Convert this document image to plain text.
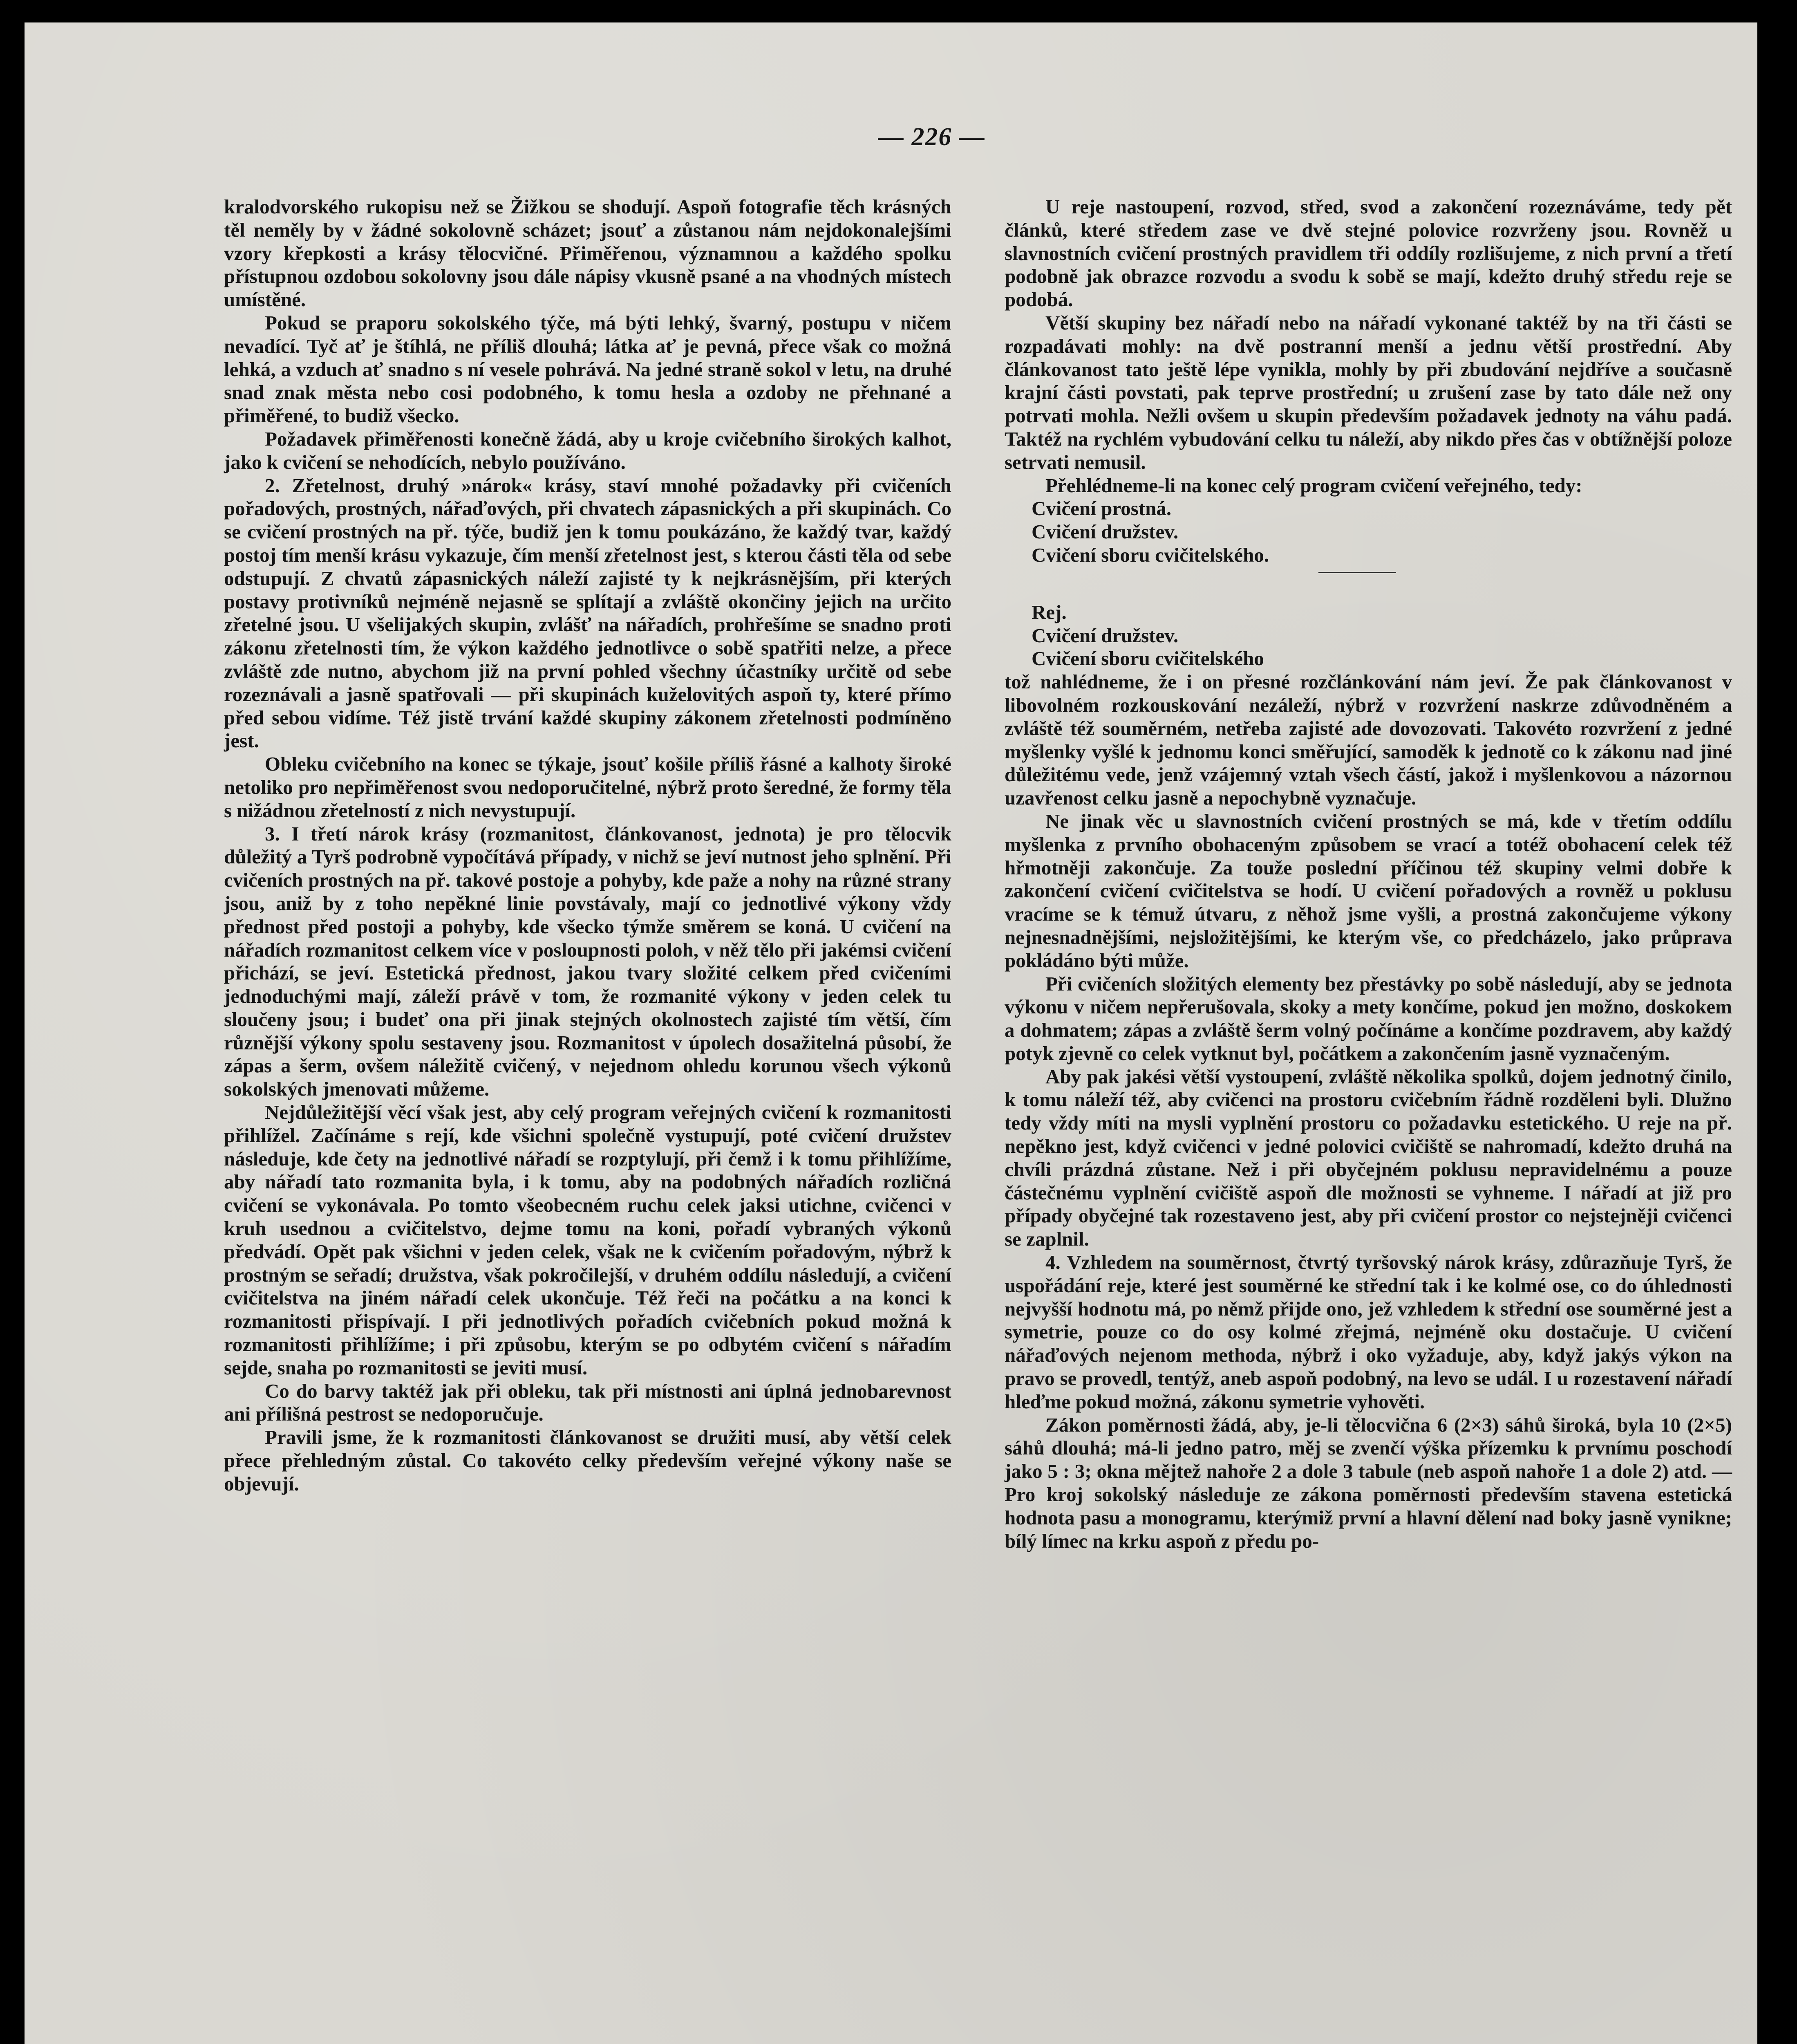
— 226 —

kralodvorského rukopisu než se Žižkou se shodují. Aspoň fotografie těch krásných těl neměly by v žádné sokolovně scházet; jsouť a zůstanou nám nejdokonalejšími vzory křepkosti a krásy tělocvičné. Přiměřenou, významnou a každého spolku přístupnou ozdobou sokolovny jsou dále nápisy vkusně psané a na vhodných místech umístěné.

Pokud se praporu sokolského týče, má býti lehký, švarný, postupu v ničem nevadící. Tyč ať je štíhlá, ne příliš dlouhá; látka ať je pevná, přece však co možná lehká, a vzduch ať snadno s ní vesele pohrává. Na jedné straně sokol v letu, na druhé snad znak města nebo cosi podobného, k tomu hesla a ozdoby ne přehnané a přiměřené, to budiž všecko.

Požadavek přiměřenosti konečně žádá, aby u kroje cvičebního širokých kalhot, jako k cvičení se nehodících, nebylo používáno.

2. Zřetelnost, druhý »nárok« krásy, staví mnohé požadavky při cvičeních pořadových, prostných, nářaďových, při chvatech zápasnických a při skupinách. Co se cvičení prostných na př. týče, budiž jen k tomu poukázáno, že každý tvar, každý postoj tím menší krásu vykazuje, čím menší zřetelnost jest, s kterou části těla od sebe odstupují. Z chvatů zápasnických náleží zajisté ty k nejkrásnějším, při kterých postavy protivníků nejméně nejasně se splítají a zvláště okončiny jejich na určito zřetelné jsou. U všelijakých skupin, zvlášť na nářadích, prohřešíme se snadno proti zákonu zřetelnosti tím, že výkon každého jednotlivce o sobě spatřiti nelze, a přece zvláště zde nutno, abychom již na první pohled všechny účastníky určitě od sebe rozeznávali a jasně spatřovali — při skupinách kuželovitých aspoň ty, které přímo před sebou vidíme. Též jistě trvání každé skupiny zákonem zřetelnosti podmíněno jest.

Obleku cvičebního na konec se týkaje, jsouť košile příliš řásné a kalhoty široké netoliko pro nepřiměřenost svou nedoporučitelné, nýbrž proto šeredné, že formy těla s nižádnou zřetelností z nich nevystupují.

3. I třetí nárok krásy (rozmanitost, článkovanost, jednota) je pro tělocvik důležitý a Tyrš podrobně vypočítává případy, v nichž se jeví nutnost jeho splnění. Při cvičeních prostných na př. takové postoje a pohyby, kde paže a nohy na různé strany jsou, aniž by z toho nepěkné linie povstávaly, mají co jednotlivé výkony vždy přednost před postoji a pohyby, kde všecko týmže směrem se koná. U cvičení na nářadích rozmanitost celkem více v posloupnosti poloh, v něž tělo při jakémsi cvičení přichází, se jeví. Estetická přednost, jakou tvary složité celkem před cvičeními jednoduchými mají, záleží právě v tom, že rozmanité výkony v jeden celek tu sloučeny jsou; i budeť ona při jinak stejných okolnostech zajisté tím větší, čím různější výkony spolu sestaveny jsou. Rozmanitost v úpolech dosažitelná působí, že zápas a šerm, ovšem náležitě cvičený, v nejednom ohledu korunou všech výkonů sokolských jmenovati můžeme.

Nejdůležitější věcí však jest, aby celý program veřejných cvičení k rozmanitosti přihlížel. Začínáme s rejí, kde všichni společně vystupují, poté cvičení družstev následuje, kde čety na jednotlivé nářadí se rozptylují, při čemž i k tomu přihlížíme, aby nářadí tato rozmanita byla, i k tomu, aby na podobných nářadích rozličná cvičení se vykonávala. Po tomto všeobecném ruchu celek jaksi utichne, cvičenci v kruh usednou a cvičitelstvo, dejme tomu na koni, pořadí vybraných výkonů předvádí. Opět pak všichni v jeden celek, však ne k cvičením pořadovým, nýbrž k prostným se seřadí; družstva, však pokročilejší, v druhém oddílu následují, a cvičení cvičitelstva na jiném nářadí celek ukončuje. Též řeči na počátku a na konci k rozmanitosti přispívají. I při jednotlivých pořadích cvičebních pokud možná k rozmanitosti přihlížíme; i při způsobu, kterým se po odbytém cvičení s nářadím sejde, snaha po rozmanitosti se jeviti musí.

Co do barvy taktéž jak při obleku, tak při místnosti ani úplná jednobarevnost ani přílišná pestrost se nedoporučuje.

Pravili jsme, že k rozmanitosti článkovanost se družiti musí, aby větší celek přece přehledným zůstal. Co takovéto celky především veřejné výkony naše se objevují.

U reje nastoupení, rozvod, střed, svod a zakončení rozeznáváme, tedy pět článků, které středem zase ve dvě stejné polovice rozvrženy jsou. Rovněž u slavnostních cvičení prostných pravidlem tři oddíly rozlišujeme, z nich první a třetí podobně jak obrazce rozvodu a svodu k sobě se mají, kdežto druhý středu reje se podobá.

Větší skupiny bez nářadí nebo na nářadí vykonané taktéž by na tři části se rozpadávati mohly: na dvě postranní menší a jednu větší prostřední. Aby článkovanost tato ještě lépe vynikla, mohly by při zbudování nejdříve a současně krajní části povstati, pak teprve prostřední; u zrušení zase by tato dále než ony potrvati mohla. Nežli ovšem u skupin především požadavek jednoty na váhu padá. Taktéž na rychlém vybudování celku tu náleží, aby nikdo přes čas v obtížnější poloze setrvati nemusil.

Přehlédneme-li na konec celý program cvičení veřejného, tedy:

Cvičení prostná.

Cvičení družstev.

Cvičení sboru cvičitelského.

Rej.

Cvičení družstev.

Cvičení sboru cvičitelského

tož nahlédneme, že i on přesné rozčlánkování nám jeví. Že pak článkovanost v libovolném rozkouskování nezáleží, nýbrž v rozvržení naskrze zdůvodněném a zvláště též souměrném, netřeba zajisté ade dovozovati. Takovéto rozvržení z jedné myšlenky vyšlé k jednomu konci směřující, samoděk k jednotě co k zákonu nad jiné důležitému vede, jenž vzájemný vztah všech částí, jakož i myšlenkovou a názornou uzavřenost celku jasně a nepochybně vyznačuje.

Ne jinak věc u slavnostních cvičení prostných se má, kde v třetím oddílu myšlenka z prvního obohaceným způsobem se vrací a totéž obohacení celek též hřmotněji zakončuje. Za touže poslední příčinou též skupiny velmi dobře k zakončení cvičení cvičitelstva se hodí. U cvičení pořadových a rovněž u poklusu vracíme se k témuž útvaru, z něhož jsme vyšli, a prostná zakončujeme výkony nejnesnadnějšími, nejsložitějšími, ke kterým vše, co předcházelo, jako průprava pokládáno býti může.

Při cvičeních složitých elementy bez přestávky po sobě následují, aby se jednota výkonu v ničem nepřerušovala, skoky a mety končíme, pokud jen možno, doskokem a dohmatem; zápas a zvláště šerm volný počínáme a končíme pozdravem, aby každý potyk zjevně co celek vytknut byl, počátkem a zakončením jasně vyznačeným.

Aby pak jakési větší vystoupení, zvláště několika spolků, dojem jednotný činilo, k tomu náleží též, aby cvičenci na prostoru cvičebním řádně rozděleni byli. Dlužno tedy vždy míti na mysli vyplnění prostoru co požadavku estetického. U reje na př. nepěkno jest, když cvičenci v jedné polovici cvičiště se nahromadí, kdežto druhá na chvíli prázdná zůstane. Než i při obyčejném poklusu nepravidelnému a pouze částečnému vyplnění cvičiště aspoň dle možnosti se vyhneme. I nářadí at již pro případy obyčejné tak rozestaveno jest, aby při cvičení prostor co nejstejněji cvičenci se zaplnil.

4. Vzhledem na souměrnost, čtvrtý tyršovský nárok krásy, zdůrazňuje Tyrš, že uspořádání reje, které jest souměrné ke střední tak i ke kolmé ose, co do úhlednosti nejvyšší hodnotu má, po němž přijde ono, jež vzhledem k střední ose souměrné jest a symetrie, pouze co do osy kolmé zřejmá, nejméně oku dostačuje. U cvičení nářaďových nejenom methoda, nýbrž i oko vyžaduje, aby, když jakýs výkon na pravo se provedl, tentýž, aneb aspoň podobný, na levo se udál. I u rozestavení nářadí hleďme pokud možná, zákonu symetrie vyhověti.

Zákon poměrnosti žádá, aby, je-li tělocvična 6 (2×3) sáhů široká, byla 10 (2×5) sáhů dlouhá; má-li jedno patro, měj se zvenčí výška přízemku k prvnímu poschodí jako 5 : 3; okna mějtež nahoře 2 a dole 3 tabule (neb aspoň nahoře 1 a dole 2) atd. — Pro kroj sokolský následuje ze zákona poměrnosti především stavena estetická hodnota pasu a monogramu, kterýmiž první a hlavní dělení nad boky jasně vynikne; bílý límec na krku aspoň z předu po-
